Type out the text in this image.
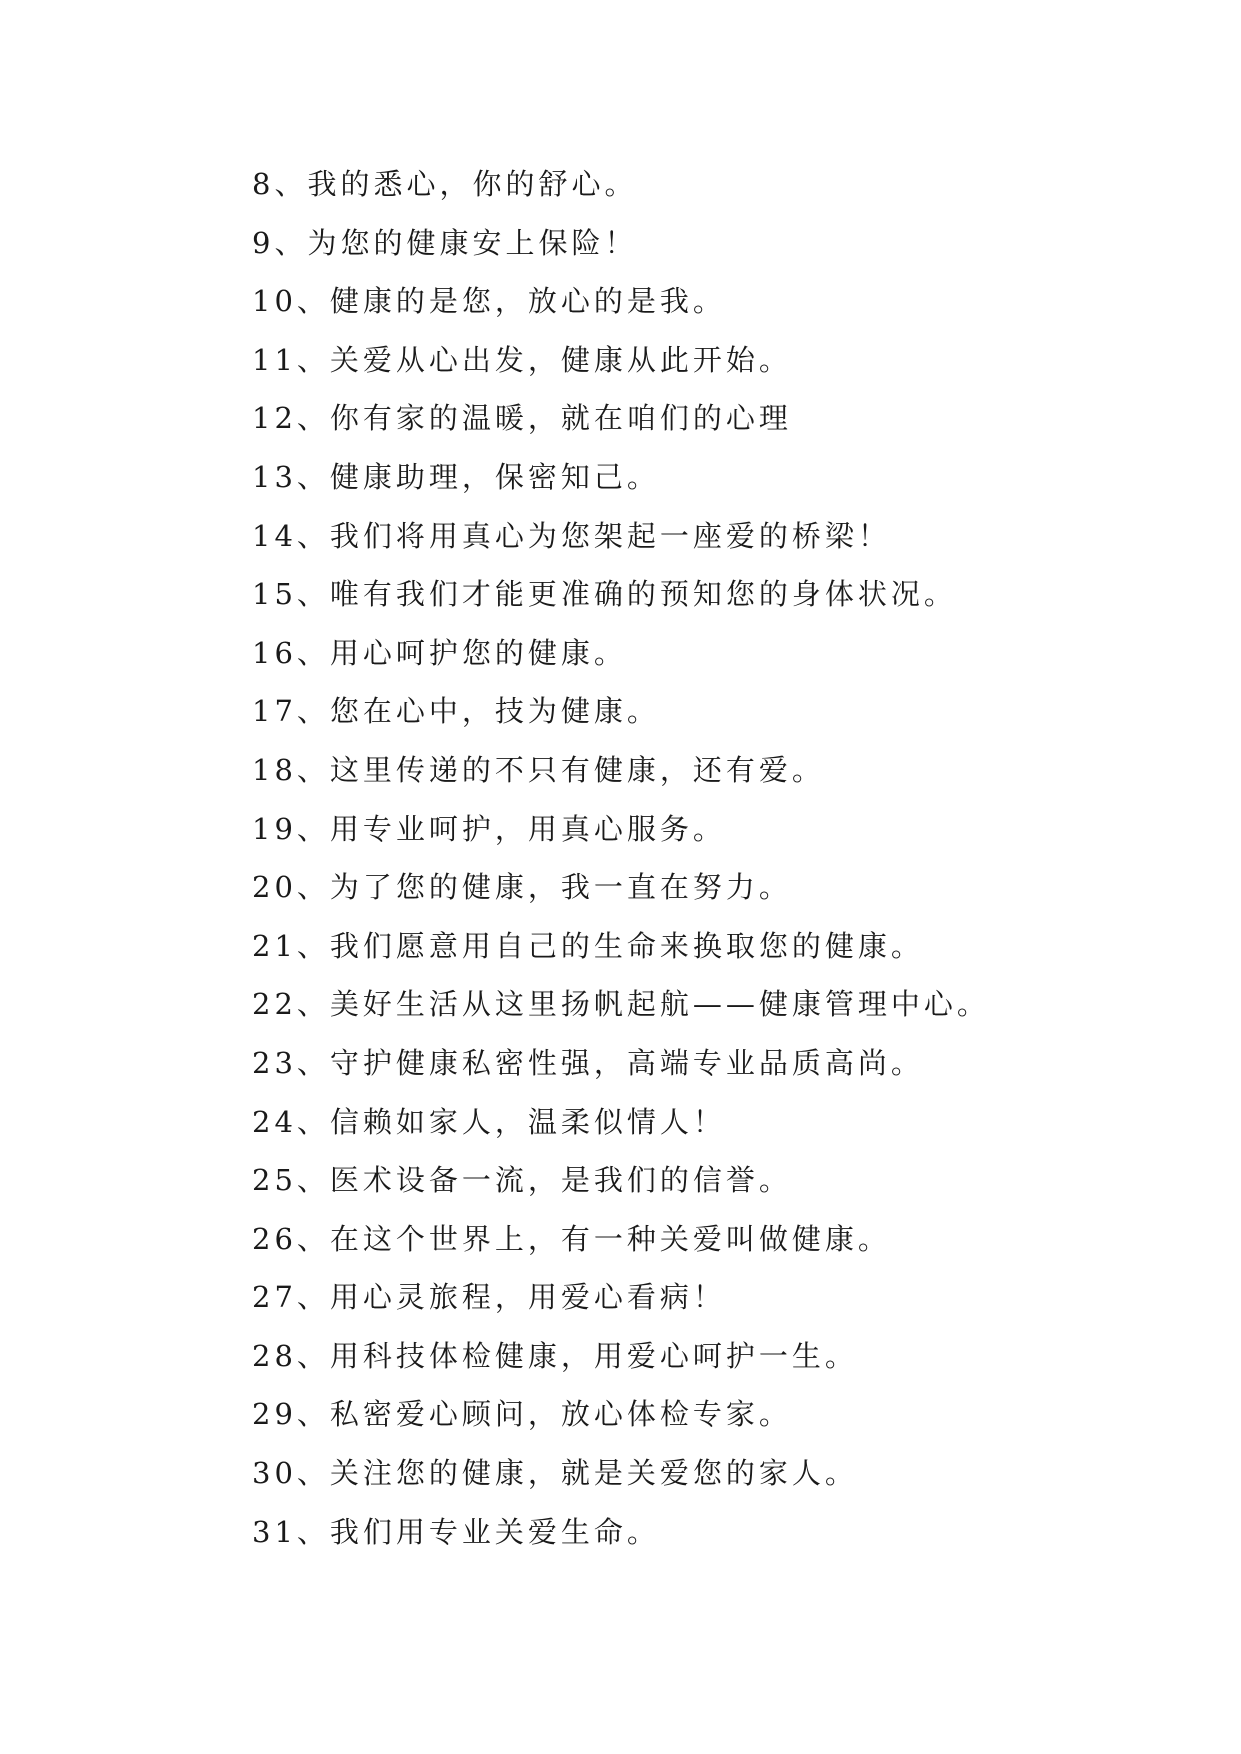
8、我的悉心，你的舒心。
9、为您的健康安上保险！
10、健康的是您，放心的是我。
11、关爱从心出发，健康从此开始。
12、你有家的温暖，就在咱们的心理
13、健康助理，保密知己。
14、我们将用真心为您架起一座爱的桥梁！
15、唯有我们才能更准确的预知您的身体状况。
16、用心呵护您的健康。
17、您在心中，技为健康。
18、这里传递的不只有健康，还有爱。
19、用专业呵护，用真心服务。
20、为了您的健康，我一直在努力。
21、我们愿意用自己的生命来换取您的健康。
22、美好生活从这里扬帆起航——健康管理中心。
23、守护健康私密性强，高端专业品质高尚。
24、信赖如家人，温柔似情人！
25、医术设备一流，是我们的信誉。
26、在这个世界上，有一种关爱叫做健康。
27、用心灵旅程，用爱心看病！
28、用科技体检健康，用爱心呵护一生。
29、私密爱心顾问，放心体检专家。
30、关注您的健康，就是关爱您的家人。
31、我们用专业关爱生命。
